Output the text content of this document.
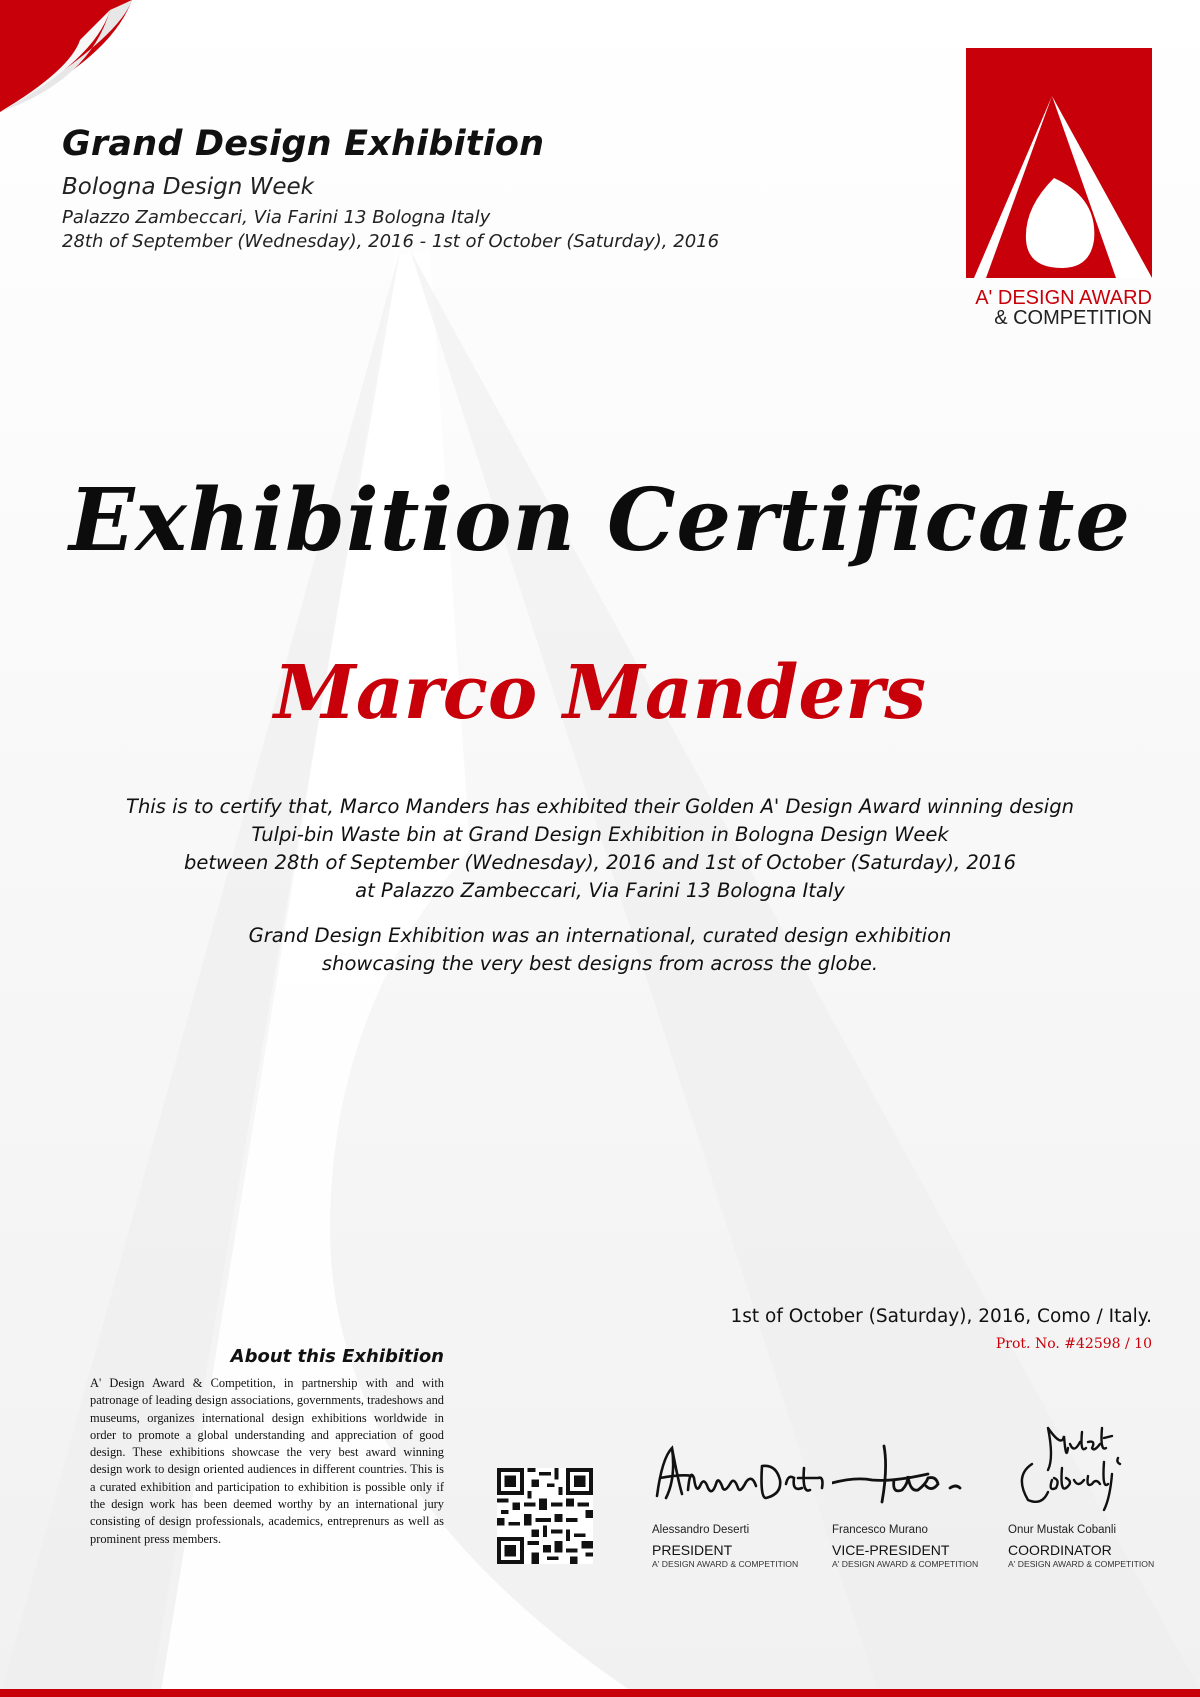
Grand Design Exhibition
Bologna Design Week
Palazzo Zambeccari, Via Farini 13 Bologna Italy
28th of September (Wednesday), 2016 - 1st of October (Saturday), 2016
A' DESIGN AWARD
& COMPETITION
Exhibition Certificate
Marco Manders
This is to certify that, Marco Manders has exhibited their Golden A' Design Award winning design
Tulpi-bin Waste bin at Grand Design Exhibition in Bologna Design Week
between 28th of September (Wednesday), 2016 and 1st of October (Saturday), 2016
at Palazzo Zambeccari, Via Farini 13 Bologna Italy
Grand Design Exhibition was an international, curated design exhibition
showcasing the very best designs from across the globe.
1st of October (Saturday), 2016, Como / Italy.
Prot. No. #42598 / 10
About this Exhibition
A' Design Award & Competition, in partnership with and with patronage of leading design associations, governments, tradeshows and museums, organizes international design exhibitions worldwide in order to promote a global understanding and appreciation of good design. These exhibitions showcase the very best award winning design work to design oriented audiences in different countries. This is a curated exhibition and participation to exhibition is possible only if the design work has been deemed worthy by an international jury consisting of design professionals, academics, entreprenurs as well as prominent press members.
Alessandro Deserti
PRESIDENT
A' DESIGN AWARD & COMPETITION
Francesco Murano
VICE-PRESIDENT
A' DESIGN AWARD & COMPETITION
Onur Mustak Cobanli
COORDINATOR
A' DESIGN AWARD & COMPETITION
